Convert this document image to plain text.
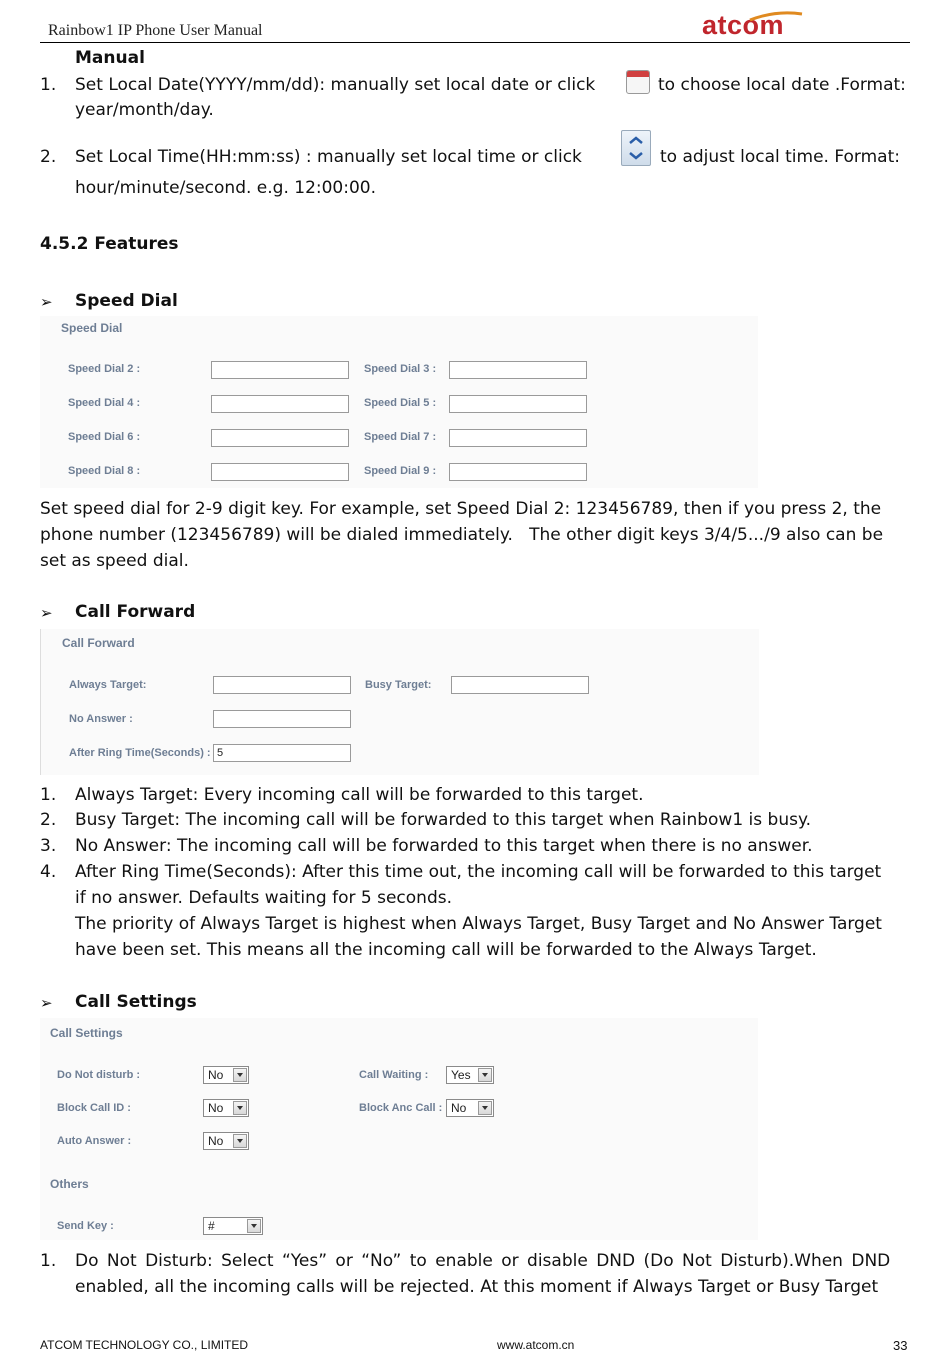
Rainbow1 IP Phone User Manual	atcom
Manual
1. Set Local Date(YYYY/mm/dd): manually set local date or click	to choose local date .Format:
year/month/day.
2. Set Local Time(HH:mm:ss) : manually set local time or click	to adjust local time. Format:
hour/minute/second. e.g. 12:00:00.
4.5.2 Features
➢ Speed Dial
Speed Dial
Speed Dial 2 :	Speed Dial 3 :
Speed Dial 4 :	Speed Dial 5 :
Speed Dial 6 :	Speed Dial 7 :
Speed Dial 8 :	Speed Dial 9 :
Set speed dial for 2-9 digit key. For example, set Speed Dial 2: 123456789, then if you press 2, the
phone number (123456789) will be dialed immediately.   The other digit keys 3/4/5.../9 also can be
set as speed dial.
➢ Call Forward
Call Forward
Always Target:	Busy Target:
No Answer :
After Ring Time(Seconds) : 5
1. Always Target: Every incoming call will be forwarded to this target.
2. Busy Target: The incoming call will be forwarded to this target when Rainbow1 is busy.
3. No Answer: The incoming call will be forwarded to this target when there is no answer.
4. After Ring Time(Seconds): After this time out, the incoming call will be forwarded to this target
if no answer. Defaults waiting for 5 seconds.
The priority of Always Target is highest when Always Target, Busy Target and No Answer Target
have been set. This means all the incoming call will be forwarded to the Always Target.
➢ Call Settings
Call Settings
Do Not disturb :	No	Call Waiting : Yes
Block Call ID :	No	Block Anc Call : No
Auto Answer :	No
Others
Send Key :	#
1. Do Not Disturb: Select “Yes” or “No” to enable or disable DND (Do Not Disturb).When DND
enabled, all the incoming calls will be rejected. At this moment if Always Target or Busy Target
ATCOM TECHNOLOGY CO., LIMITED	www.atcom.cn	33
